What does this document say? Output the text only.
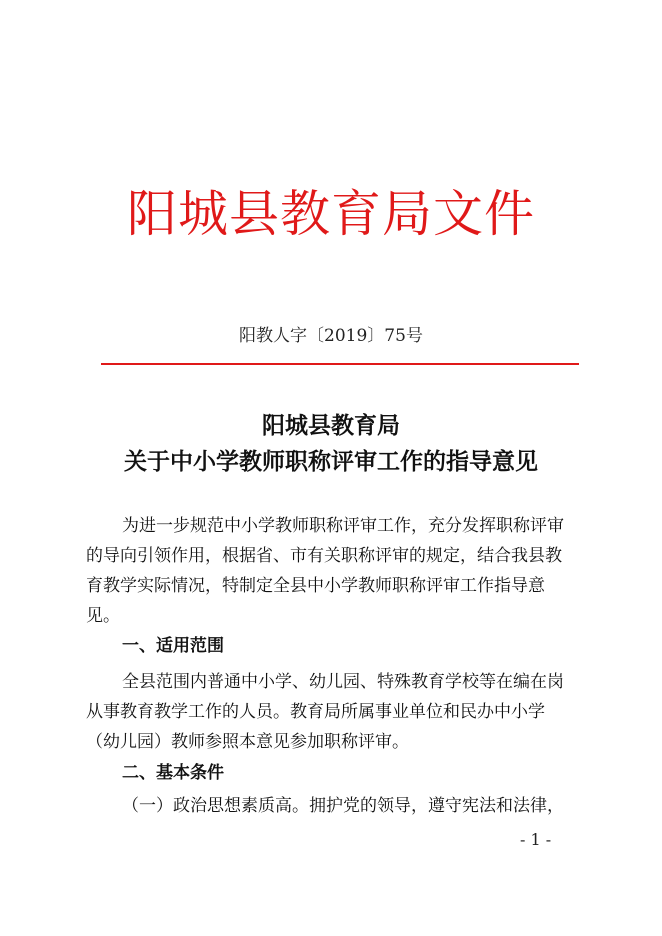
阳城县教育局文件
阳教人字〔2019〕75号
阳城县教育局
关于中小学教师职称评审工作的指导意见
为进一步规范中小学教师职称评审工作，充分发挥职称评审
的导向引领作用，根据省、市有关职称评审的规定，结合我县教
育教学实际情况，特制定全县中小学教师职称评审工作指导意
见。
一、适用范围
全县范围内普通中小学、幼儿园、特殊教育学校等在编在岗
从事教育教学工作的人员。教育局所属事业单位和民办中小学
（幼儿园）教师参照本意见参加职称评审。
二、基本条件
（一）政治思想素质高。拥护党的领导，遵守宪法和法律，
- 1 -
